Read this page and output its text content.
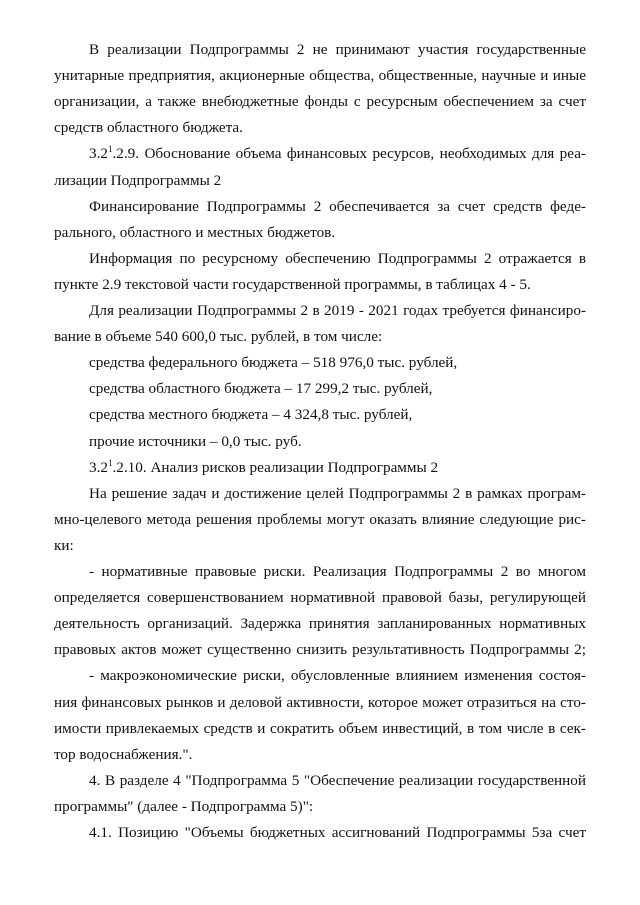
В реализации Подпрограммы 2 не принимают участия государственные
унитарные предприятия, акционерные общества, общественные, научные и иные
организации, а также внебюджетные фонды с ресурсным обеспечением за счет
средств областного бюджета.
$3.2^1.2.9$. Обоснование объема финансовых ресурсов, необходимых для реа-
лизации Подпрограммы 2
Финансирование Подпрограммы 2 обеспечивается за счет средств феде-
рального, областного и местных бюджетов.
Информация по ресурсному обеспечению Подпрограммы 2 отражается в
пункте 2.9 текстовой части государственной программы, в таблицах 4 - 5.
Для реализации Подпрограммы 2 в 2019 - 2021 годах требуется финансиро-
вание в объеме 540 600,0 тыс. рублей, в том числе:
средства федерального бюджета – 518 976,0 тыс. рублей,
средства областного бюджета – 17 299,2 тыс. рублей,
средства местного бюджета – 4 324,8 тыс. рублей,
прочие источники – 0,0 тыс. руб.
$3.2^1.2.10$. Анализ рисков реализации Подпрограммы 2
На решение задач и достижение целей Подпрограммы 2 в рамках програм-
мно-целевого метода решения проблемы могут оказать влияние следующие рис-
ки:
- нормативные правовые риски. Реализация Подпрограммы 2 во многом
определяется совершенствованием нормативной правовой базы, регулирующей
деятельность организаций. Задержка принятия запланированных нормативных
правовых актов может существенно снизить результативность Подпрограммы 2;
- макроэкономические риски, обусловленные влиянием изменения состоя-
ния финансовых рынков и деловой активности, которое может отразиться на сто-
имости привлекаемых средств и сократить объем инвестиций, в том числе в сек-
тор водоснабжения.".
4. В разделе 4 "Подпрограмма 5 "Обеспечение реализации государственной
программы" (далее - Подпрограмма 5)":
4.1. Позицию "Объемы бюджетных ассигнований Подпрограммы 5за счет
